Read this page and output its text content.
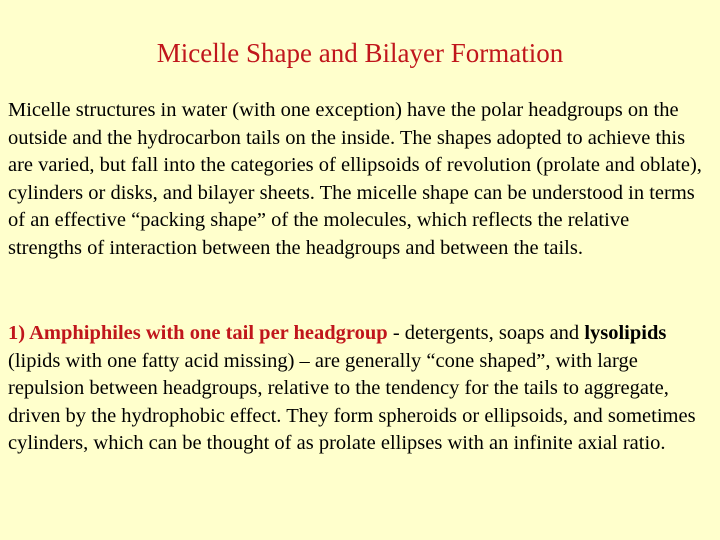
Micelle Shape and Bilayer Formation

Micelle structures in water (with one exception) have the polar headgroups on the outside and the hydrocarbon tails on the inside. The shapes adopted to achieve this are varied, but fall into the categories of ellipsoids of revolution (prolate and oblate), cylinders or disks, and bilayer sheets. The micelle shape can be understood in terms of an effective “packing shape” of the molecules, which reflects the relative strengths of interaction between the headgroups and between the tails.

1) Amphiphiles with one tail per headgroup - detergents, soaps and lysolipids (lipids with one fatty acid missing) – are generally “cone shaped”, with large repulsion between headgroups, relative to the tendency for the tails to aggregate, driven by the hydrophobic effect. They form spheroids or ellipsoids, and sometimes cylinders, which can be thought of as prolate ellipses with an infinite axial ratio.
